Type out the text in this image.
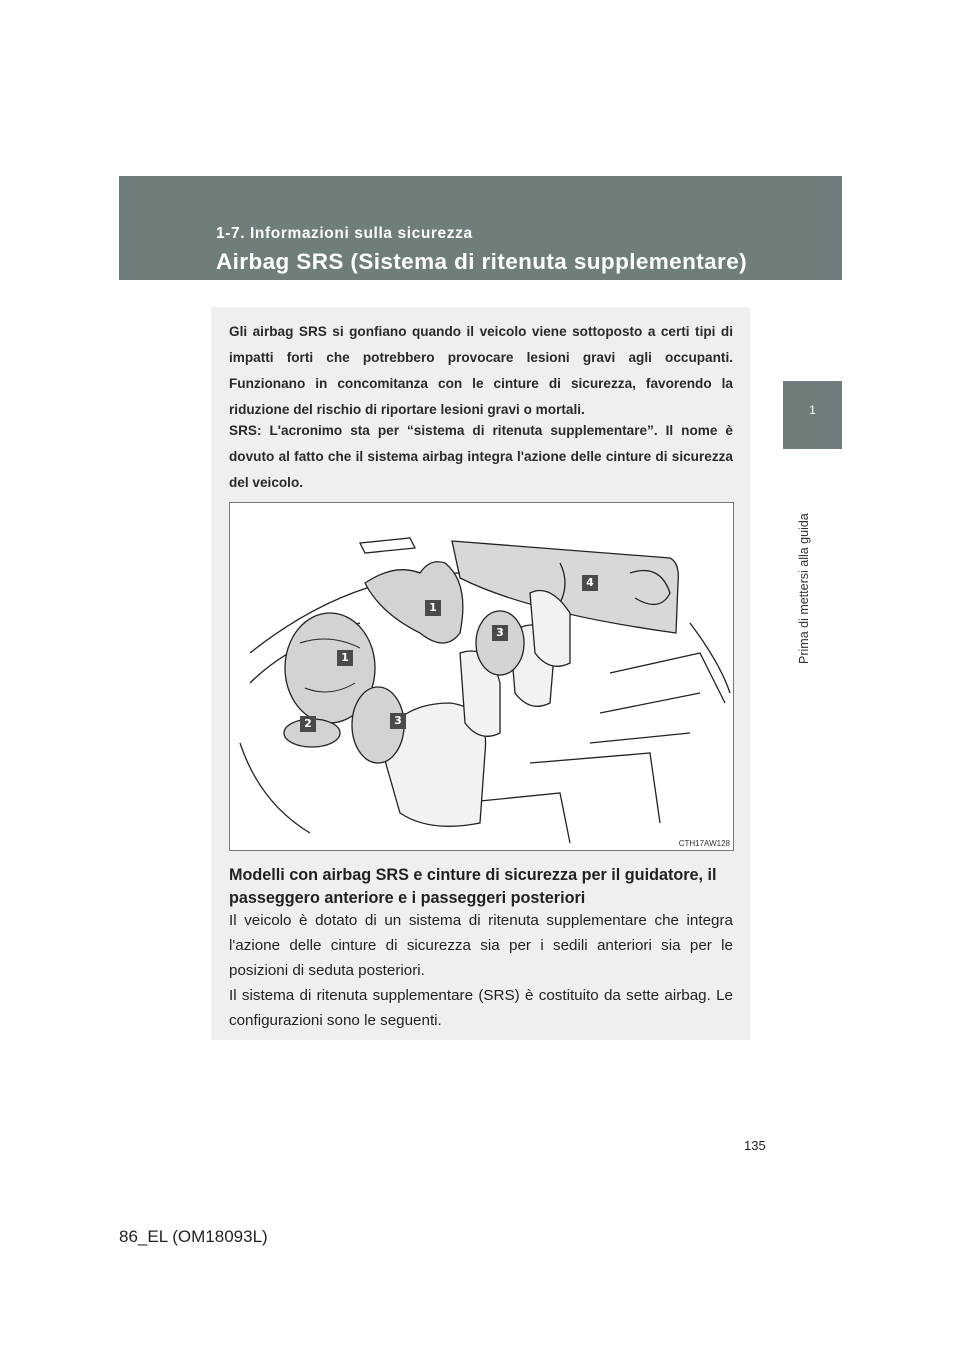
1-7. Informazioni sulla sicurezza
Airbag SRS (Sistema di ritenuta supplementare)
1
Prima di mettersi alla guida

Gli airbag SRS si gonfiano quando il veicolo viene sottoposto a certi tipi di impatti forti che potrebbero provocare lesioni gravi agli occupanti. Funzionano in concomitanza con le cinture di sicurezza, favorendo la riduzione del rischio di riportare lesioni gravi o mortali.

SRS: L'acronimo sta per “sistema di ritenuta supplementare”. Il nome è dovuto al fatto che il sistema airbag integra l'azione delle cinture di sicurezza del veicolo.

1
1
2	3
3
4
CTH17AW128
Modelli con airbag SRS e cinture di sicurezza per il guidatore, il passeggero anteriore e i passeggeri posteriori
Il veicolo è dotato di un sistema di ritenuta supplementare che integra l'azione delle cinture di sicurezza sia per i sedili anteriori sia per le posizioni di seduta posteriori.
Il sistema di ritenuta supplementare (SRS) è costituito da sette airbag. Le configurazioni sono le seguenti.
135
86_EL (OM18093L)
